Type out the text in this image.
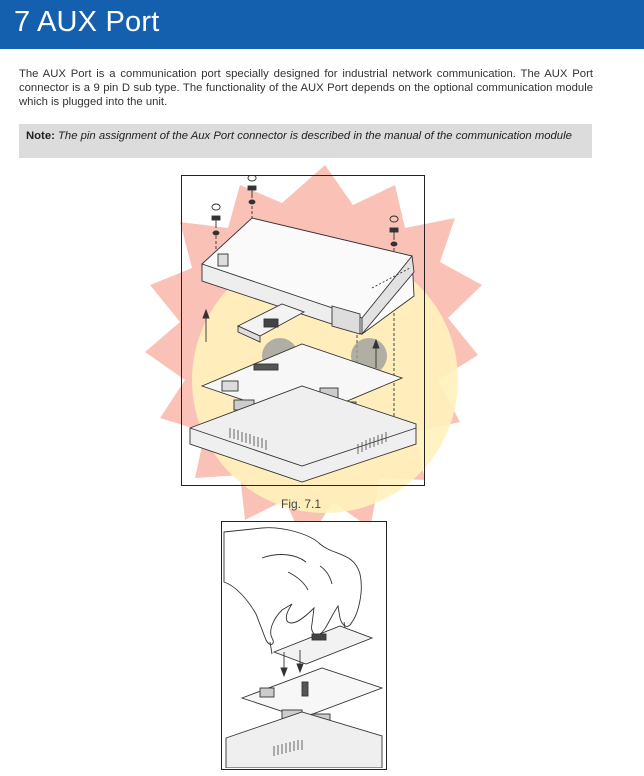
7 AUX Port
The AUX Port is a communication port specially designed for industrial network communication. The AUX Port connector is a 9 pin D sub type. The functionality of the AUX Port depends on the optional communication module which is plugged into the unit.

Note: The pin assignment of the Aux Port connector is described in the manual of the communication module

Fig. 7.1
